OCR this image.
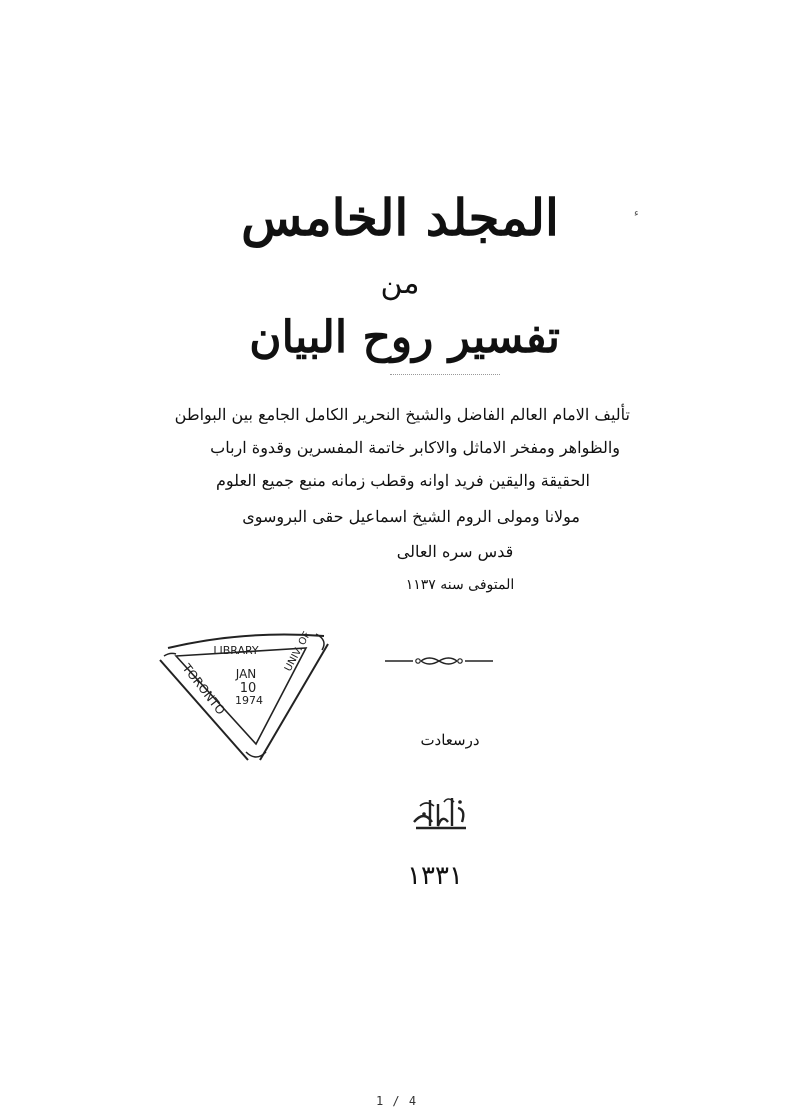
ء
المجلد الخامس
من
تفسير روح البيان
تأليف الامام العالم الفاضل والشيخ النحرير الكامل الجامع بين البواطن
والظواهر ومفخر الاماثل والاكابر خاتمة المفسرين وقدوة ارباب
الحقيقة واليقين فريد اوانه وقطب زمانه منبع جميع العلوم
مولانا ومولى الروم الشيخ اسماعيل حقى البروسوى
قدس سره العالى
المتوفى سنه ١١٣٧
LIBRARY
JAN
10
1974
TORONTO
UNIV. OF
درسعادت
١٣٣١
1 / 4
